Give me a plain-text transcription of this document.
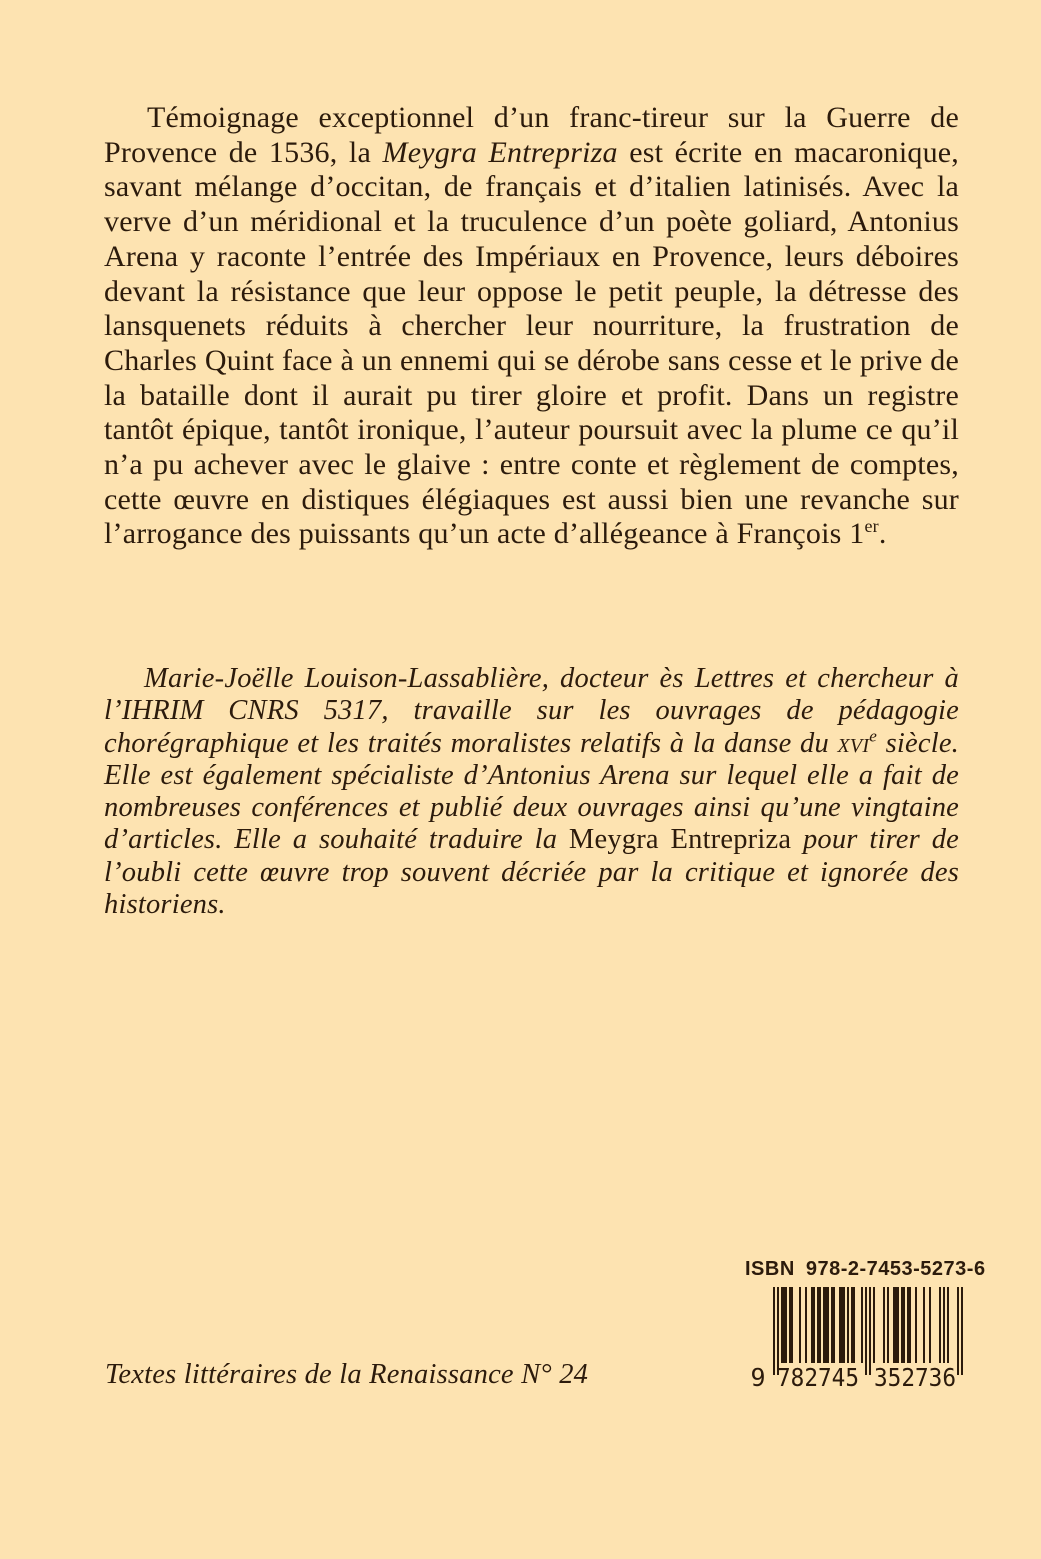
Témoignage exceptionnel d’un franc-tireur sur la Guerre de Provence de 1536, la Meygra Entrepriza est écrite en macaronique, savant mélange d’occitan, de français et d’italien latinisés. Avec la verve d’un méridional et la truculence d’un poète goliard, Antonius Arena y raconte l’entrée des Impériaux en Provence, leurs déboires devant la résistance que leur oppose le petit peuple, la détresse des lansquenets réduits à chercher leur nourriture, la frustration de Charles Quint face à un ennemi qui se dérobe sans cesse et le prive de la bataille dont il aurait pu tirer gloire et profit. Dans un registre tantôt épique, tantôt ironique, l’auteur poursuit avec la plume ce qu’il n’a pu achever avec le glaive : entre conte et règlement de comptes, cette œuvre en distiques élégiaques est aussi bien une revanche sur l’arrogance des puissants qu’un acte d’allégeance à François 1er.

Marie-Joëlle Louison-Lassablière, docteur ès Lettres et chercheur à l’IHRIM CNRS 5317, travaille sur les ouvrages de pédagogie chorégraphique et les traités moralistes relatifs à la danse du xvi$^e$ siècle. Elle est également spécialiste d’Antonius Arena sur lequel elle a fait de nombreuses conférences et publié deux ouvrages ainsi qu’une vingtaine d’articles. Elle a souhaité traduire la Meygra Entrepriza pour tirer de l’oubli cette œuvre trop souvent décriée par la critique et ignorée des historiens.

Textes littéraires de la Renaissance N° 24
ISBN 978-2-7453-5273-6
9 782745 352736
